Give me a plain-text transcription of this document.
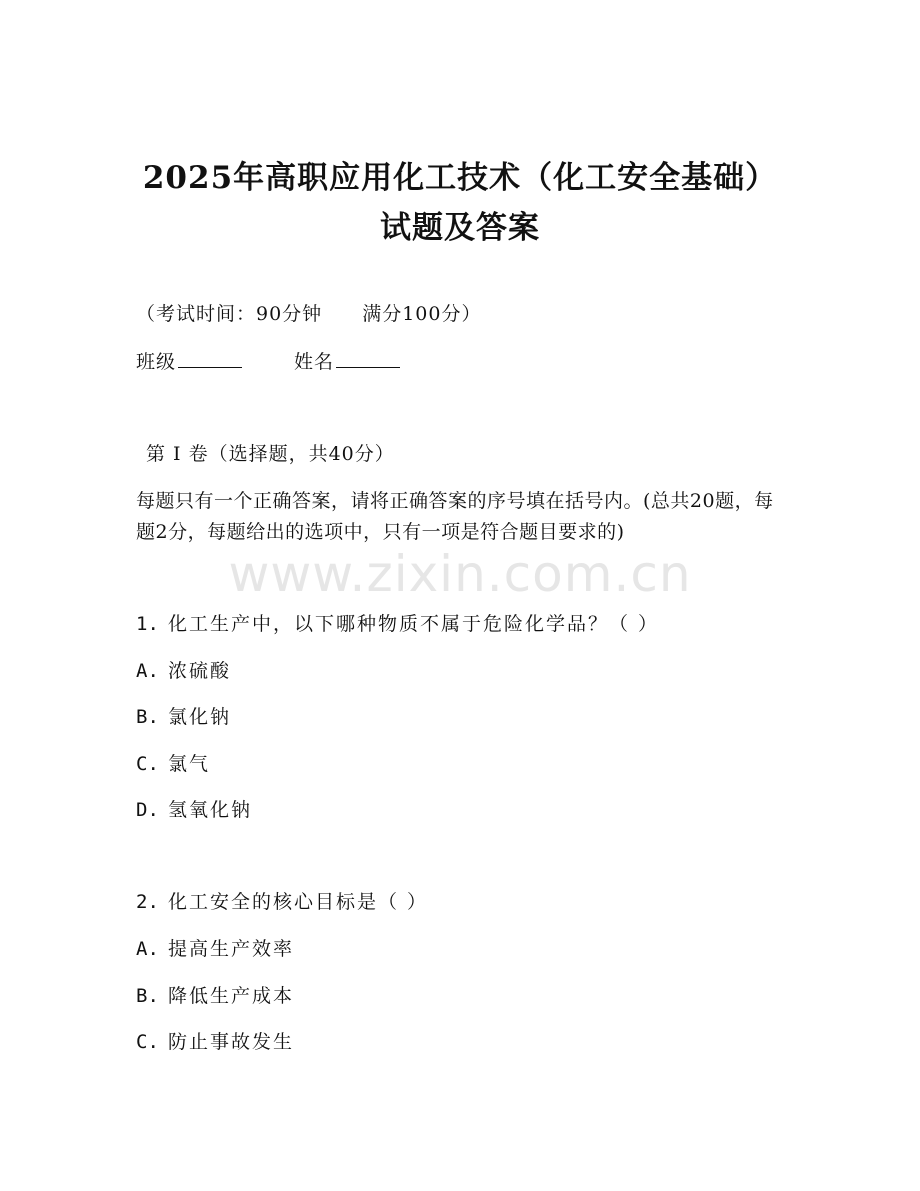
2025年高职应用化工技术（化工安全基础）
试题及答案
（考试时间：90分钟 满分100分）
班级	姓名
第 I 卷（选择题，共40分）
每题只有一个正确答案，请将正确答案的序号填在括号内。(总共20题，每题2分，每题给出的选项中，只有一项是符合题目要求的)
www.zixin.com.cn
1. 化工生产中，以下哪种物质不属于危险化学品？（ ）
A. 浓硫酸
B. 氯化钠
C. 氯气
D. 氢氧化钠
2. 化工安全的核心目标是（ ）
A. 提高生产效率
B. 降低生产成本
C. 防止事故发生
